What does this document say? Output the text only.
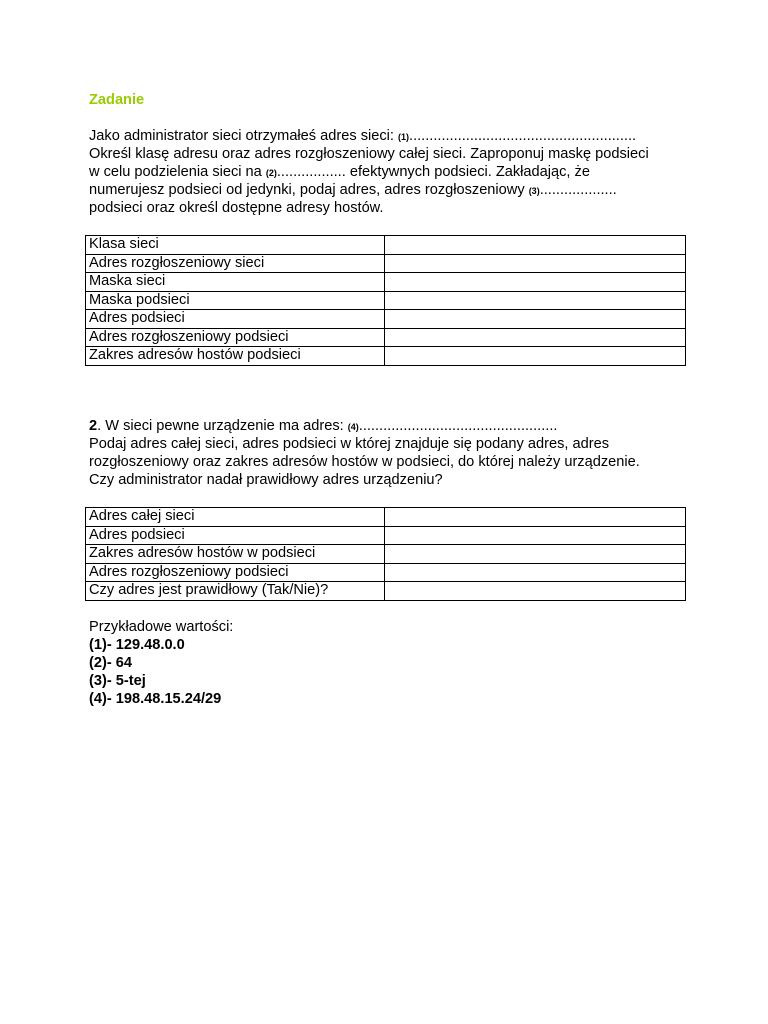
Zadanie
Jako administrator sieci otrzymałeś adres sieci: (1)........................................................
Określ klasę adresu oraz adres rozgłoszeniowy całej sieci. Zaproponuj maskę podsieci
w celu podzielenia sieci na (2)................. efektywnych podsieci. Zakładając, że
numerujesz podsieci od jedynki, podaj adres, adres rozgłoszeniowy (3)...................
podsieci oraz określ dostępne adresy hostów.
Klasa sieci	
Adres rozgłoszeniowy sieci	
Maska sieci	
Maska podsieci	
Adres podsieci	
Adres rozgłoszeniowy podsieci	
Zakres adresów hostów podsieci	
2. W sieci pewne urządzenie ma adres: (4).................................................
Podaj adres całej sieci, adres podsieci w której znajduje się podany adres, adres
rozgłoszeniowy oraz zakres adresów hostów w podsieci, do której należy urządzenie.
Czy administrator nadał prawidłowy adres urządzeniu?
Adres całej sieci	
Adres podsieci	
Zakres adresów hostów w podsieci	
Adres rozgłoszeniowy podsieci	
Czy adres jest prawidłowy (Tak/Nie)?	
Przykładowe wartości:
(1)- 129.48.0.0
(2)- 64
(3)- 5-tej
(4)- 198.48.15.24/29
